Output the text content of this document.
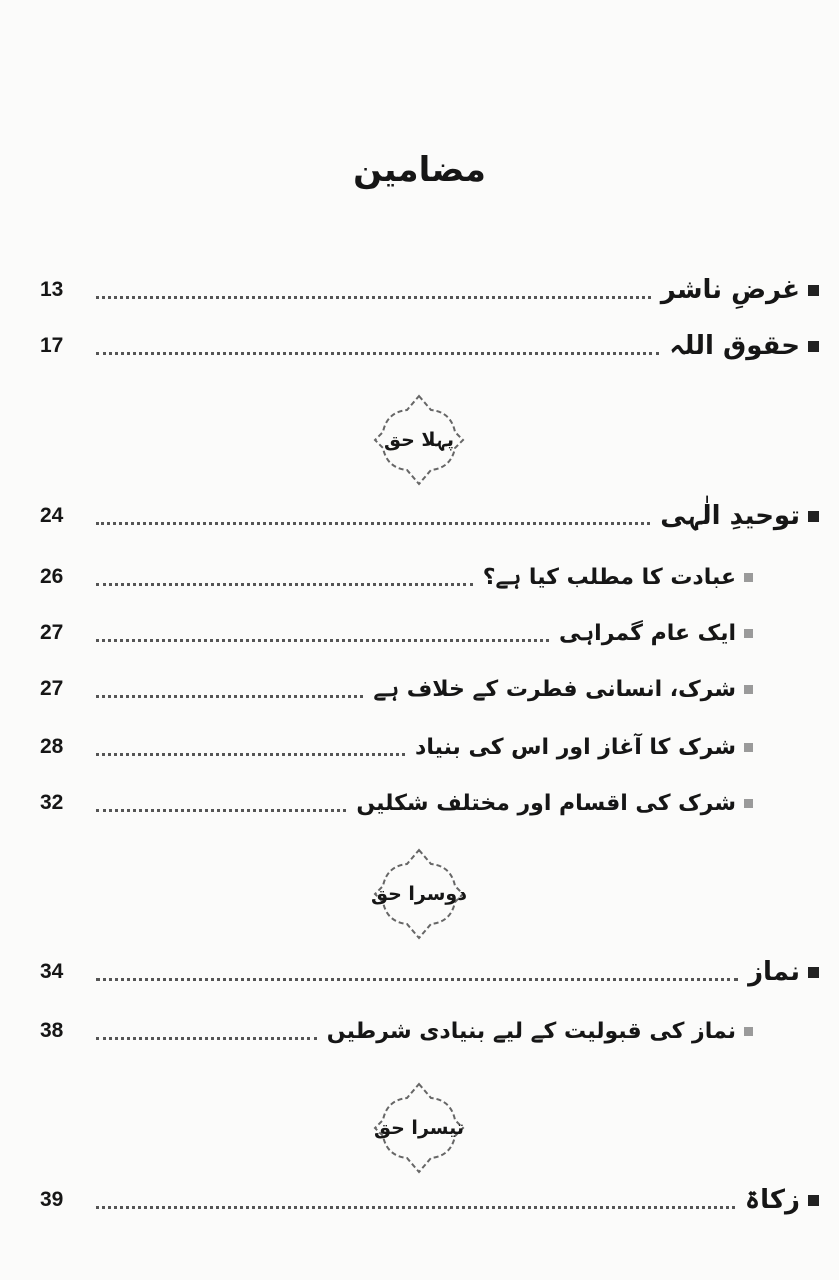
مضامین
غرضِ ناشر
13
حقوق اللہ
17
پہلا حق
توحیدِ الٰہی
24
عبادت کا مطلب کیا ہے؟
26
ایک عام گمراہی
27
شرک، انسانی فطرت کے خلاف ہے
27
شرک کا آغاز اور اس کی بنیاد
28
شرک کی اقسام اور مختلف شکلیں
32
دوسرا حق
نماز
34
نماز کی قبولیت کے لیے بنیادی شرطیں
38
تیسرا حق
زکاۃ
39
